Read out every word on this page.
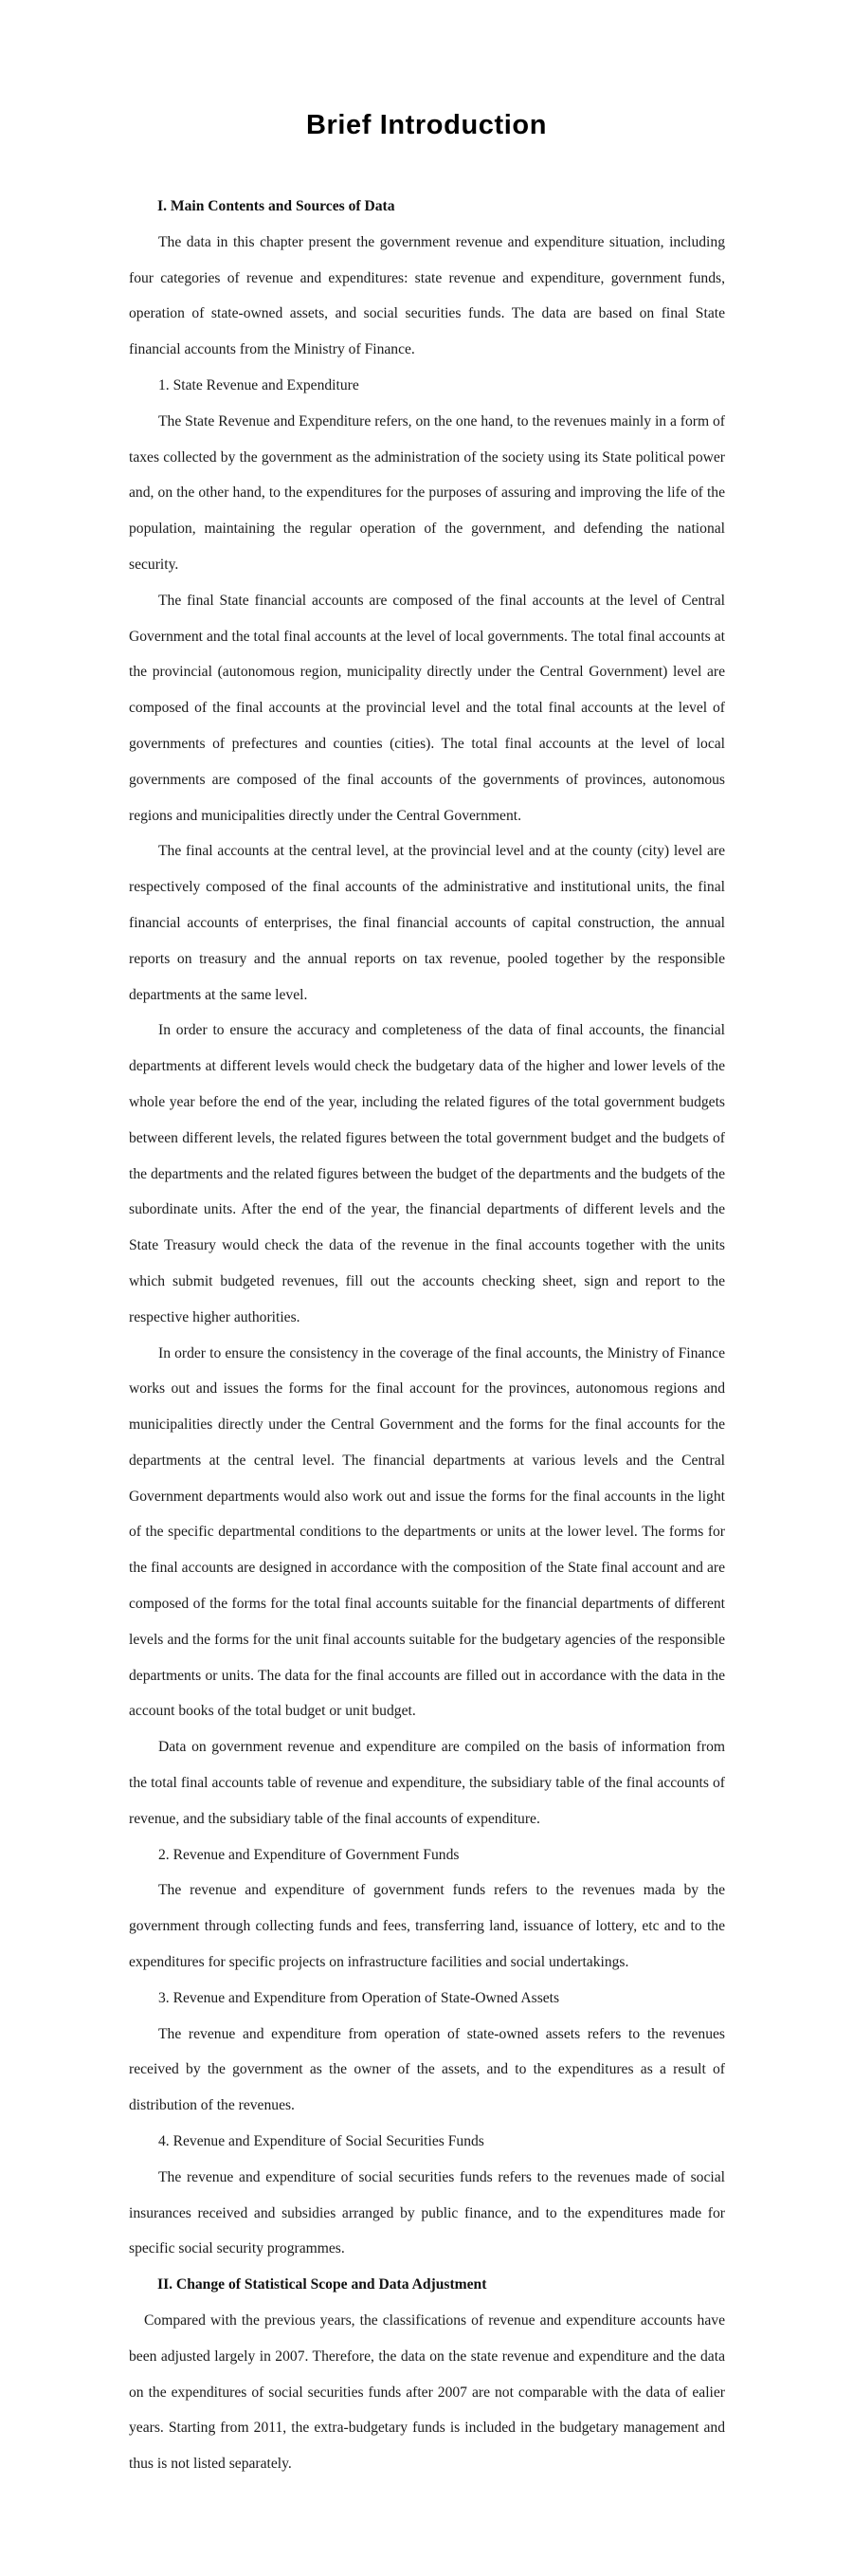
Brief Introduction
I. Main Contents and Sources of Data

The data in this chapter present the government revenue and expenditure situation, including four categories of revenue and expenditures: state revenue and expenditure, government funds, operation of state-owned assets, and social securities funds. The data are based on final State financial accounts from the Ministry of Finance.

1. State Revenue and Expenditure

The State Revenue and Expenditure refers, on the one hand, to the revenues mainly in a form of taxes collected by the government as the administration of the society using its State political power and, on the other hand, to the expenditures for the purposes of assuring and improving the life of the population, maintaining the regular operation of the government, and defending the national security.

The final State financial accounts are composed of the final accounts at the level of Central Government and the total final accounts at the level of local governments. The total final accounts at the provincial (autonomous region, municipality directly under the Central Government) level are composed of the final accounts at the provincial level and the total final accounts at the level of governments of prefectures and counties (cities). The total final accounts at the level of local governments are composed of the final accounts of the governments of provinces, autonomous regions and municipalities directly under the Central Government.

The final accounts at the central level, at the provincial level and at the county (city) level are respectively composed of the final accounts of the administrative and institutional units, the final financial accounts of enterprises, the final financial accounts of capital construction, the annual reports on treasury and the annual reports on tax revenue, pooled together by the responsible departments at the same level.

In order to ensure the accuracy and completeness of the data of final accounts, the financial departments at different levels would check the budgetary data of the higher and lower levels of the whole year before the end of the year, including the related figures of the total government budgets between different levels, the related figures between the total government budget and the budgets of the departments and the related figures between the budget of the departments and the budgets of the subordinate units. After the end of the year, the financial departments of different levels and the State Treasury would check the data of the revenue in the final accounts together with the units which submit budgeted revenues, fill out the accounts checking sheet, sign and report to the respective higher authorities.

In order to ensure the consistency in the coverage of the final accounts, the Ministry of Finance works out and issues the forms for the final account for the provinces, autonomous regions and municipalities directly under the Central Government and the forms for the final accounts for the departments at the central level. The financial departments at various levels and the Central Government departments would also work out and issue the forms for the final accounts in the light of the specific departmental conditions to the departments or units at the lower level. The forms for the final accounts are designed in accordance with the composition of the State final account and are composed of the forms for the total final accounts suitable for the financial departments of different levels and the forms for the unit final accounts suitable for the budgetary agencies of the responsible departments or units. The data for the final accounts are filled out in accordance with the data in the account books of the total budget or unit budget.

Data on government revenue and expenditure are compiled on the basis of information from the total final accounts table of revenue and expenditure, the subsidiary table of the final accounts of revenue, and the subsidiary table of the final accounts of expenditure.

2. Revenue and Expenditure of Government Funds

The revenue and expenditure of government funds refers to the revenues mada by the government through collecting funds and fees, transferring land, issuance of lottery, etc and to the expenditures for specific projects on infrastructure facilities and social undertakings.

3. Revenue and Expenditure from Operation of State-Owned Assets

The revenue and expenditure from operation of state-owned assets refers to the revenues received by the government as the owner of the assets, and to the expenditures as a result of distribution of the revenues.

4. Revenue and Expenditure of Social Securities Funds

The revenue and expenditure of social securities funds refers to the revenues made of social insurances received and subsidies arranged by public finance, and to the expenditures made for specific social security programmes.

II. Change of Statistical Scope and Data Adjustment

Compared with the previous years, the classifications of revenue and expenditure accounts have been adjusted largely in 2007. Therefore, the data on the state revenue and expenditure and the data on the expenditures of social securities funds after 2007 are not comparable with the data of ealier years. Starting from 2011, the extra-budgetary funds is included in the budgetary management and thus is not listed separately.
